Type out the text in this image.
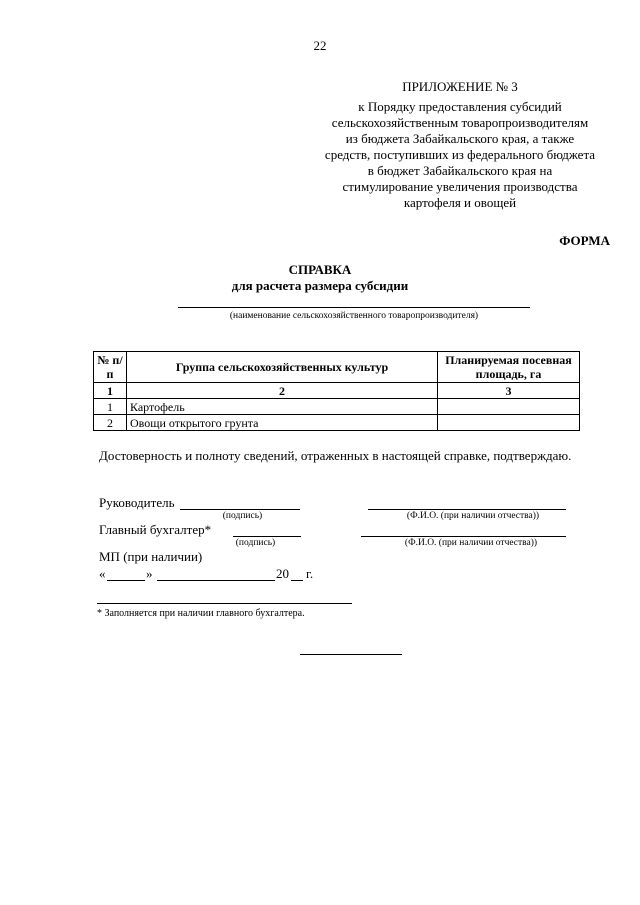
22
ПРИЛОЖЕНИЕ № 3
к Порядку предоставления субсидий
сельскохозяйственным товаропроизводителям
из бюджета Забайкальского края, а также
средств, поступивших из федерального бюджета
в бюджет Забайкальского края на
стимулирование увеличения производства
картофеля и овощей
ФОРМА
СПРАВКА
для расчета размера субсидии
(наименование сельскохозяйственного товаропроизводителя)
№ п/п	Группа сельскохозяйственных культур	Планируемая посевная площадь, га
1	2	3
1	Картофель	
2	Овощи открытого грунта	
Достоверность и полноту сведений, отраженных в настоящей справке, подтверждаю.
Руководитель
(подпись)	(Ф.И.О. (при наличии отчества))
Главный бухгалтер*
(подпись)	(Ф.И.О. (при наличии отчества))
МП (при наличии)
«	»	20 г.
* Заполняется при наличии главного бухгалтера.
